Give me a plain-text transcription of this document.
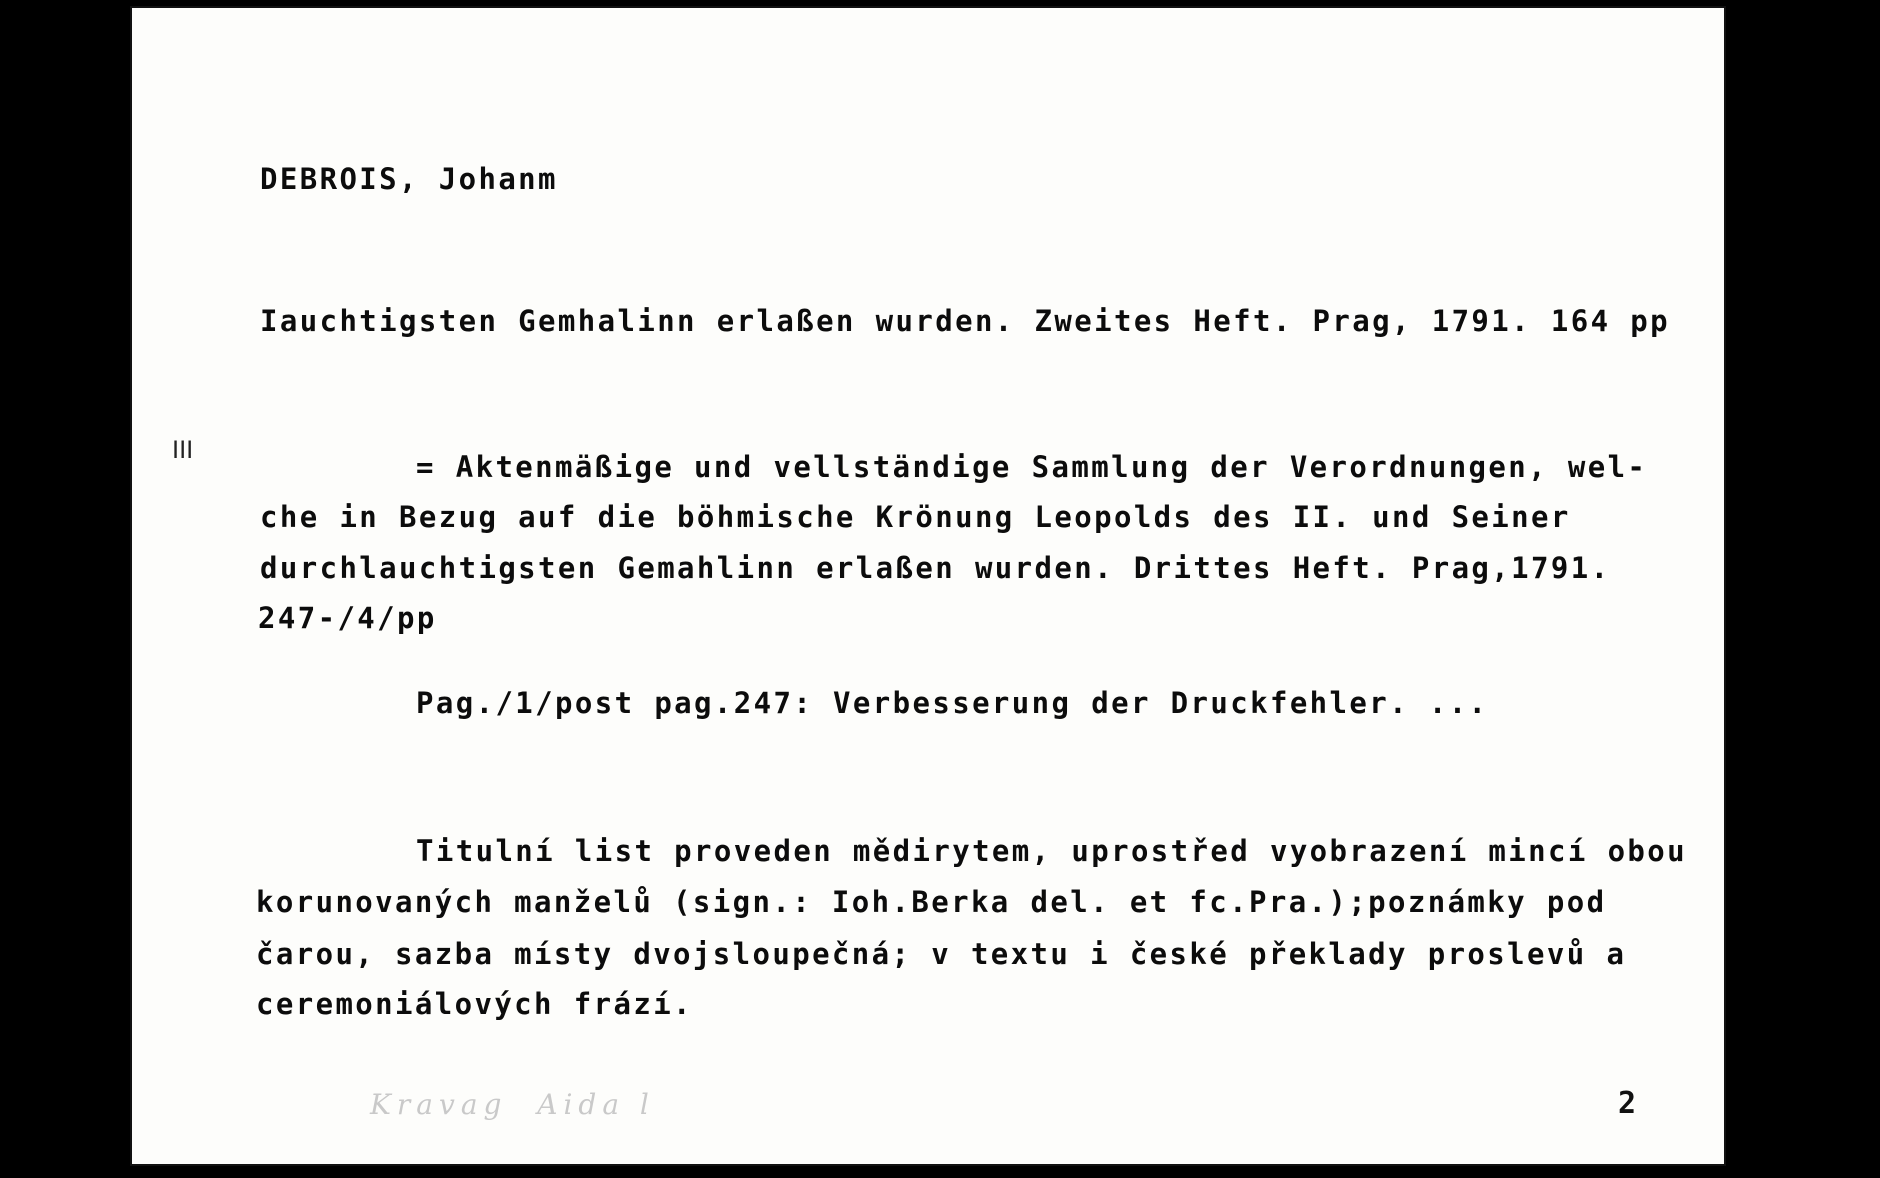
DEBROIS, Johanm
Iauchtigsten Gemhalinn erlaßen wurden. Zweites Heft. Prag, 1791. 164 pp
III	= Aktenmäßige und vellständige Sammlung der Verordnungen, wel-
che in Bezug auf die böhmische Krönung Leopolds des II. und Seiner
durchlauchtigsten Gemahlinn erlaßen wurden. Drittes Heft. Prag,1791.
247-/4/pp
Pag./1/post pag.247: Verbesserung der Druckfehler. ...
Titulní list proveden mědirytem, uprostřed vyobrazení mincí obou
korunovaných manželů (sign.: Ioh.Berka del. et fc.Pra.);poznámky pod
čarou, sazba místy dvojsloupečná; v textu i české překlady proslevů a
ceremoniálových frází.
Kravag  Aida l	2
